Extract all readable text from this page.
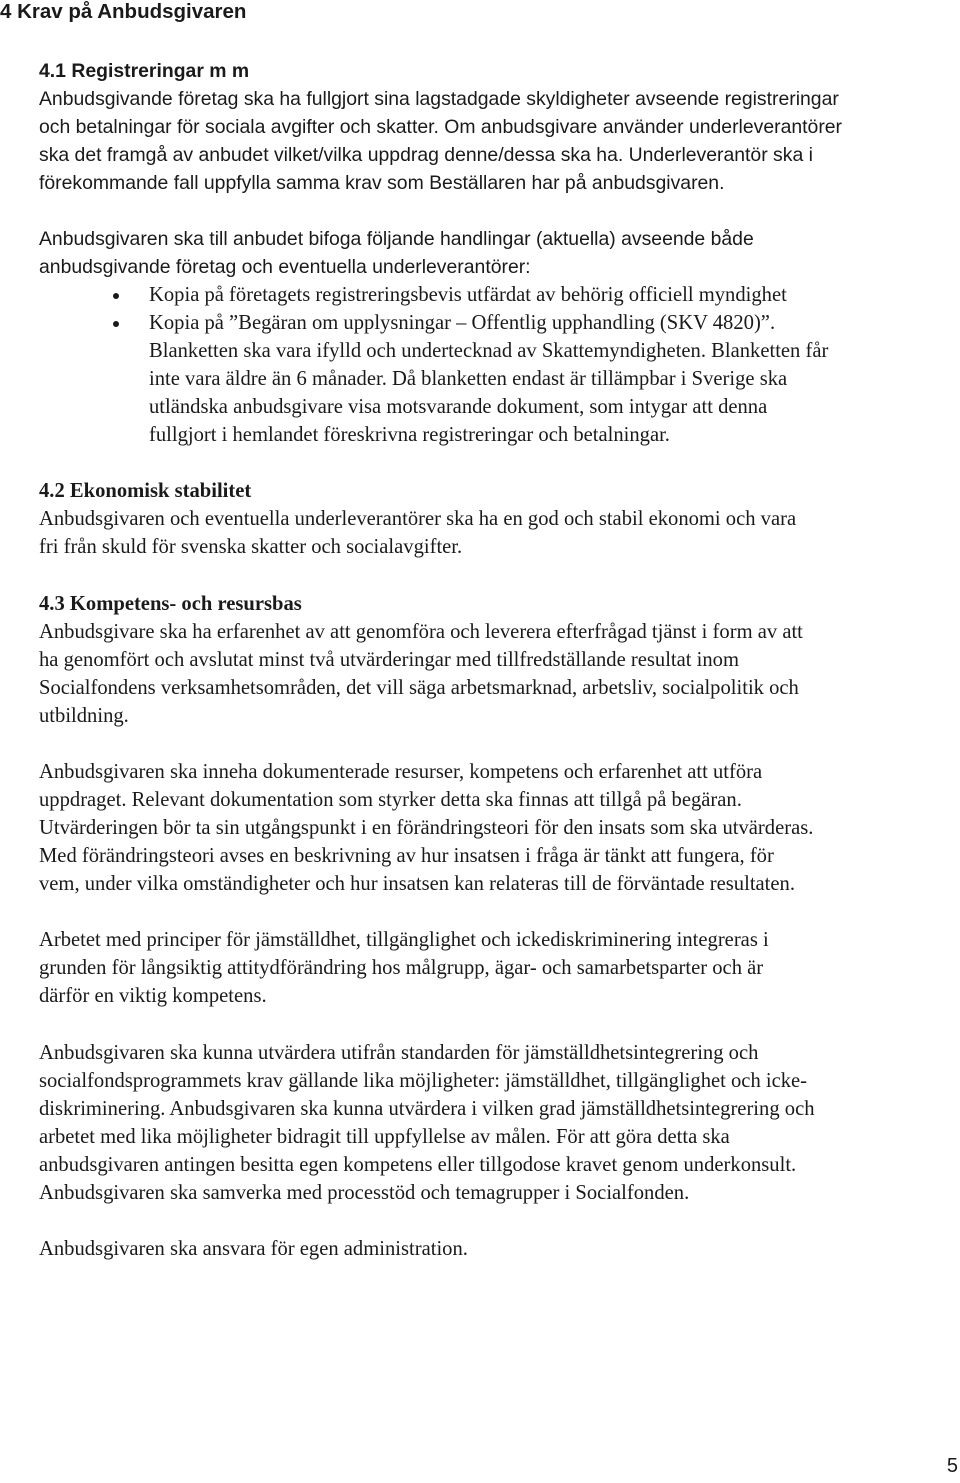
4 Krav på Anbudsgivaren
4.1 Registreringar m m

Anbudsgivande företag ska ha fullgjort sina lagstadgade skyldigheter avseende registreringar
och betalningar för sociala avgifter och skatter. Om anbudsgivare använder underleverantörer
ska det framgå av anbudet vilket/vilka uppdrag denne/dessa ska ha. Underleverantör ska i
förekommande fall uppfylla samma krav som Beställaren har på anbudsgivaren.

Anbudsgivaren ska till anbudet bifoga följande handlingar (aktuella) avseende både
anbudsgivande företag och eventuella underleverantörer:

Kopia på företagets registreringsbevis utfärdat av behörig officiell myndighet
Kopia på ”Begäran om upplysningar – Offentlig upphandling (SKV 4820)”.
Blanketten ska vara ifylld och undertecknad av Skattemyndigheten. Blanketten får
inte vara äldre än 6 månader. Då blanketten endast är tillämpbar i Sverige ska
utländska anbudsgivare visa motsvarande dokument, som intygar att denna
fullgjort i hemlandet föreskrivna registreringar och betalningar.
4.2 Ekonomisk stabilitet

Anbudsgivaren och eventuella underleverantörer ska ha en god och stabil ekonomi och vara
fri från skuld för svenska skatter och socialavgifter.

4.3 Kompetens- och resursbas

Anbudsgivare ska ha erfarenhet av att genomföra och leverera efterfrågad tjänst i form av att
ha genomfört och avslutat minst två utvärderingar med tillfredställande resultat inom
Socialfondens verksamhetsområden, det vill säga arbetsmarknad, arbetsliv, socialpolitik och
utbildning.

Anbudsgivaren ska inneha dokumenterade resurser, kompetens och erfarenhet att utföra
uppdraget. Relevant dokumentation som styrker detta ska finnas att tillgå på begäran.
Utvärderingen bör ta sin utgångspunkt i en förändringsteori för den insats som ska utvärderas.
Med förändringsteori avses en beskrivning av hur insatsen i fråga är tänkt att fungera, för
vem, under vilka omständigheter och hur insatsen kan relateras till de förväntade resultaten.

Arbetet med principer för jämställdhet, tillgänglighet och ickediskriminering integreras i
grunden för långsiktig attitydförändring hos målgrupp, ägar- och samarbetsparter och är
därför en viktig kompetens.

Anbudsgivaren ska kunna utvärdera utifrån standarden för jämställdhetsintegrering och
socialfondsprogrammets krav gällande lika möjligheter: jämställdhet, tillgänglighet och icke-
diskriminering. Anbudsgivaren ska kunna utvärdera i vilken grad jämställdhetsintegrering och
arbetet med lika möjligheter bidragit till uppfyllelse av målen. För att göra detta ska
anbudsgivaren antingen besitta egen kompetens eller tillgodose kravet genom underkonsult.
Anbudsgivaren ska samverka med processtöd och temagrupper i Socialfonden.

Anbudsgivaren ska ansvara för egen administration.

5
